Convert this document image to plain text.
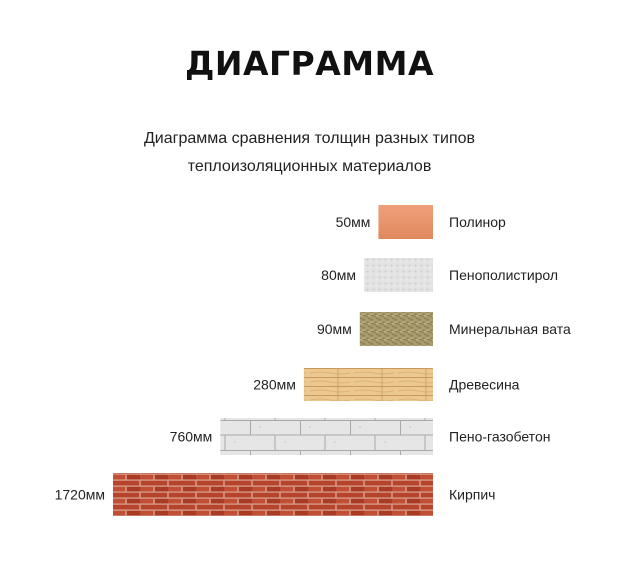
ДИАГРАММА
Диаграмма сравнения толщин разных типов
теплоизоляционных материалов
50мм	Полинор
80мм	Пенополистирол
90мм	Минеральная вата
280мм	Древесина
760мм	Пено-газобетон
1720мм	Кирпич
